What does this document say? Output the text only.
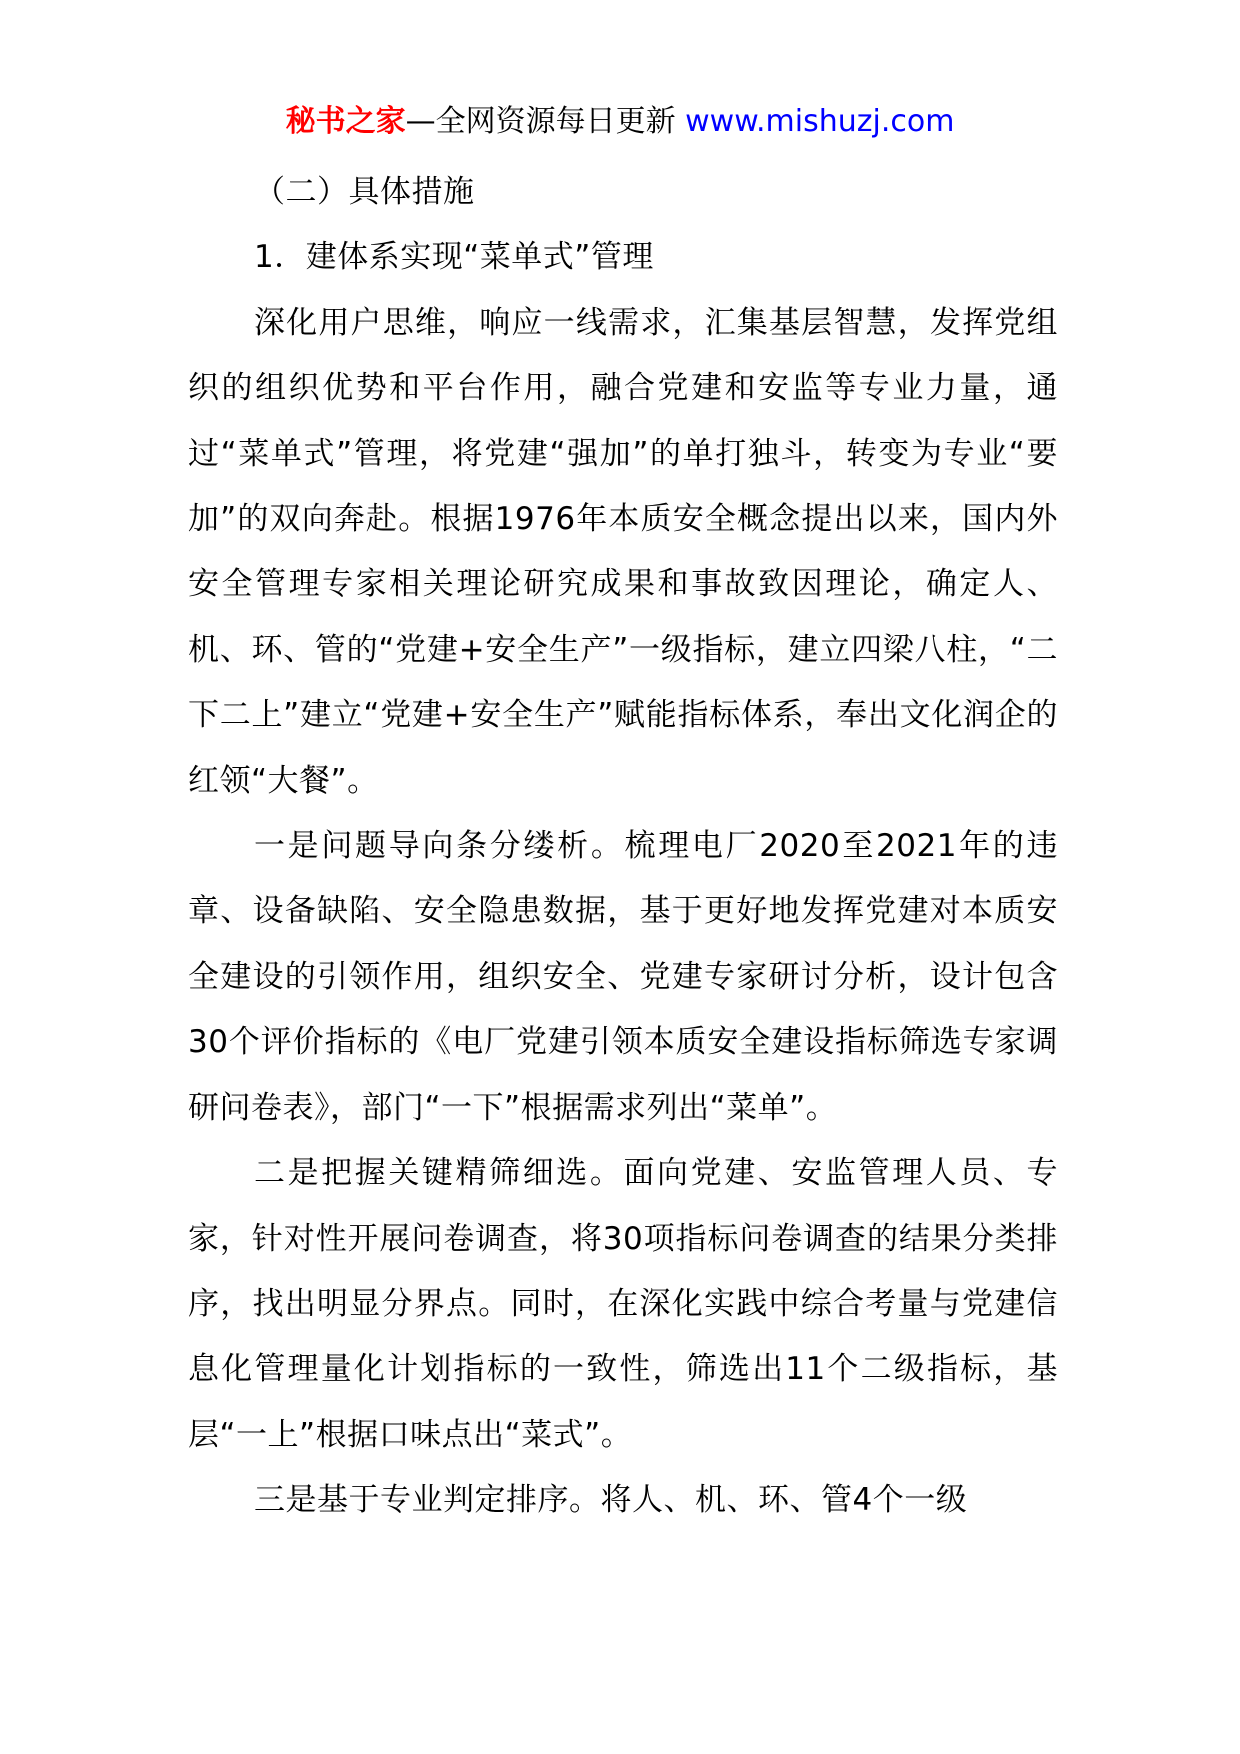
秘书之家—全网资源每日更新 www.mishuzj.com

（二）具体措施

1．建体系实现“菜单式”管理

深化用户思维，响应一线需求，汇集基层智慧，发挥党组织的组织优势和平台作用，融合党建和安监等专业力量，通过“菜单式”管理，将党建“强加”的单打独斗，转变为专业“要加”的双向奔赴。根据1976年本质安全概念提出以来，国内外安全管理专家相关理论研究成果和事故致因理论，确定人、机、环、管的“党建+安全生产”一级指标，建立四梁八柱，“二下二上”建立“党建+安全生产”赋能指标体系，奉出文化润企的红领“大餐”。

一是问题导向条分缕析。梳理电厂2020至2021年的违章、设备缺陷、安全隐患数据，基于更好地发挥党建对本质安全建设的引领作用，组织安全、党建专家研讨分析，设计包含30个评价指标的《电厂党建引领本质安全建设指标筛选专家调研问卷表》，部门“一下”根据需求列出“菜单”。

二是把握关键精筛细选。面向党建、安监管理人员、专家，针对性开展问卷调查，将30项指标问卷调查的结果分类排序，找出明显分界点。同时，在深化实践中综合考量与党建信息化管理量化计划指标的一致性，筛选出11个二级指标，基层“一上”根据口味点出“菜式”。

三是基于专业判定排序。将人、机、环、管4个一级
